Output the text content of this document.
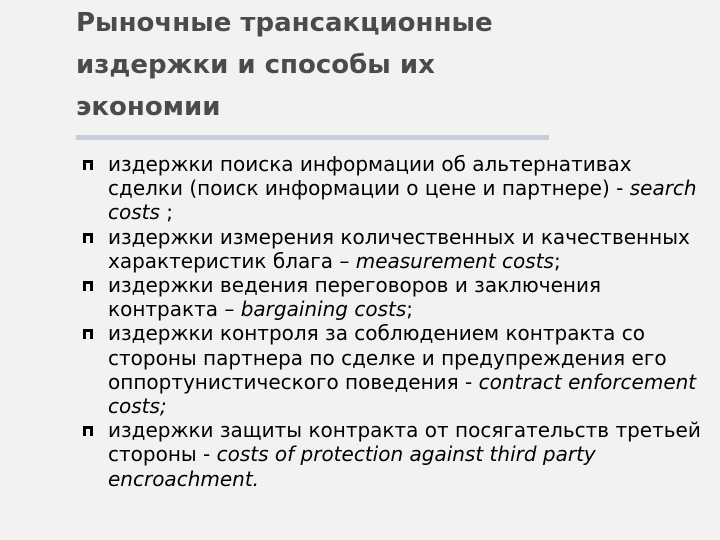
Рыночные трансакционные
издержки и способы их
экономии
издержки поиска информации об альтернативах сделки (поиск информации о цене и партнере) - search costs ;
издержки измерения количественных и качественных характеристик блага – measurement costs;
издержки ведения переговоров и заключения контракта – bargaining costs;
издержки контроля за соблюдением контракта со стороны партнера по сделке и предупреждения его оппортунистического поведения - contract enforcement costs;
издержки защиты контракта от посягательств третьей стороны - costs of protection against third party encroachment.
